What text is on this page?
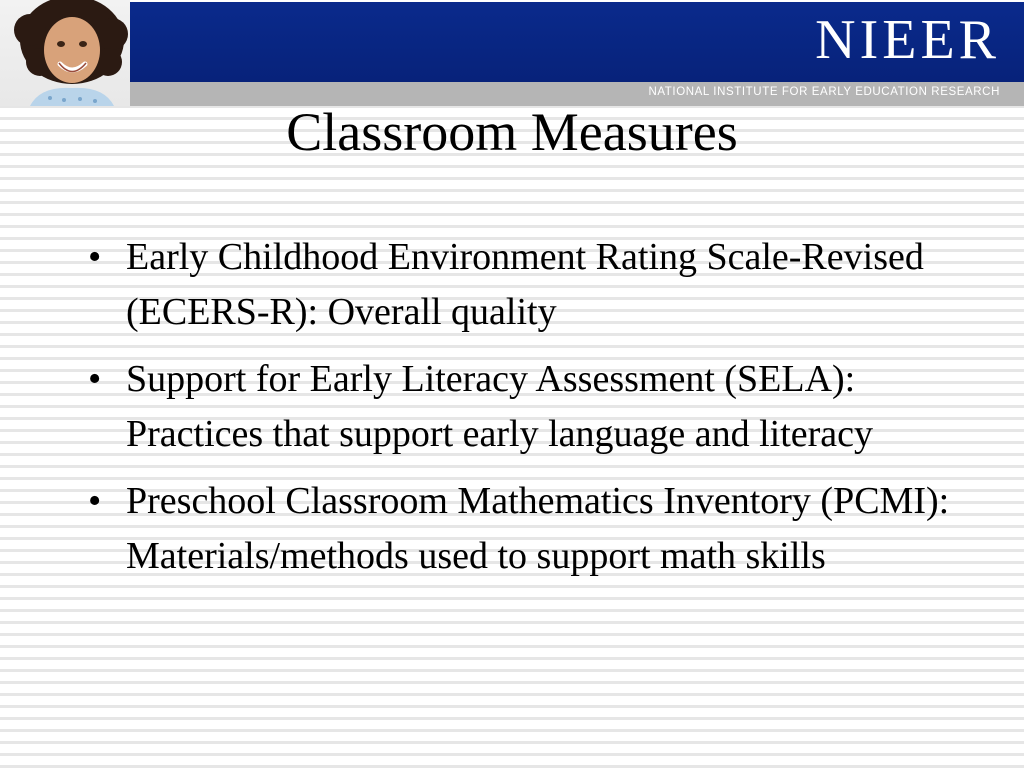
NIEER
NATIONAL INSTITUTE FOR EARLY EDUCATION RESEARCH
Classroom Measures
• Early Childhood Environment Rating Scale-Revised (ECERS-R): Overall quality
• Support for Early Literacy Assessment (SELA): Practices that support early language and literacy
• Preschool Classroom Mathematics Inventory (PCMI): Materials/methods used to support math skills
